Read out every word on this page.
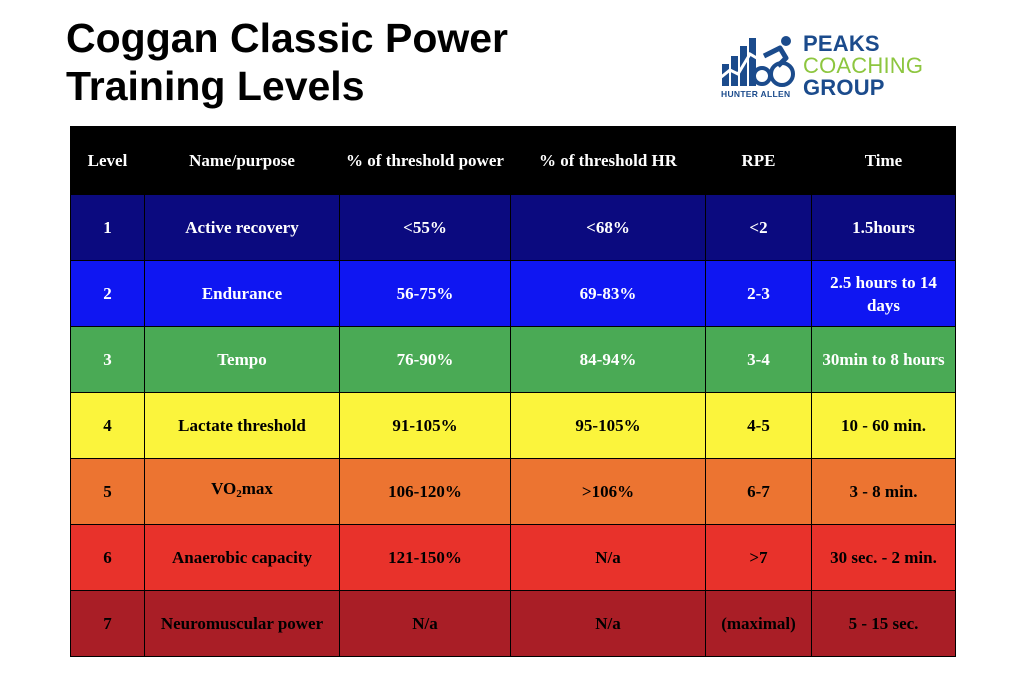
Coggan Classic Power
Training Levels	HUNTER ALLEN
PEAKS
COACHING
GROUP
Level	Name/purpose	% of threshold power	% of threshold HR	RPE	Time
1	Active recovery	<55%	<68%	<2	1.5hours
2	Endurance	56-75%	69-83%	2-3	2.5 hours to 14 days
3	Tempo	76-90%	84-94%	3-4	30min to 8 hours
4	Lactate threshold	91-105%	95-105%	4-5	10 - 60 min.
5	$VO_2\max$	106-120%	>106%	6-7	3 - 8 min.
6	Anaerobic capacity	121-150%	N/a	>7	30 sec. - 2 min.
7	Neuromuscular power	N/a	N/a	(maximal)	5 - 15 sec.
